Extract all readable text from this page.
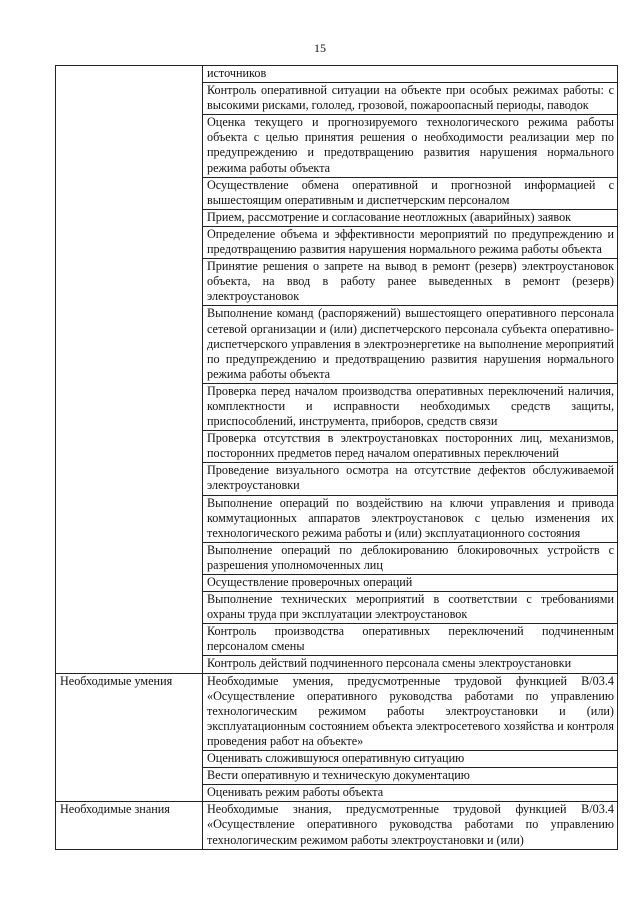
15
	источников
	Контроль оперативной ситуации на объекте при особых режимах работы: с высокими рисками, гололед, грозовой, пожароопасный периоды, паводок
	Оценка текущего и прогнозируемого технологического режима работы объекта с целью принятия решения о необходимости реализации мер по предупреждению и предотвращению развития нарушения нормального режима работы объекта
	Осуществление обмена оперативной и прогнозной информацией с вышестоящим оперативным и диспетчерским персоналом
	Прием, рассмотрение и согласование неотложных (аварийных) заявок
	Определение объема и эффективности мероприятий по предупреждению и предотвращению развития нарушения нормального режима работы объекта
	Принятие решения о запрете на вывод в ремонт (резерв) электроустановок объекта, на ввод в работу ранее выведенных в ремонт (резерв) электроустановок
	Выполнение команд (распоряжений) вышестоящего оперативного персонала сетевой организации и (или) диспетчерского персонала субъекта оперативно-диспетчерского управления в электроэнергетике на выполнение мероприятий по предупреждению и предотвращению развития нарушения нормального режима работы объекта
	Проверка перед началом производства оперативных переключений наличия, комплектности и исправности необходимых средств защиты, приспособлений, инструмента, приборов, средств связи
	Проверка отсутствия в электроустановках посторонних лиц, механизмов, посторонних предметов перед началом оперативных переключений
	Проведение визуального осмотра на отсутствие дефектов обслуживаемой электроустановки
	Выполнение операций по воздействию на ключи управления и привода коммутационных аппаратов электроустановок с целью изменения их технологического режима работы и (или) эксплуатационного состояния
	Выполнение операций по деблокированию блокировочных устройств с разрешения уполномоченных лиц
	Осуществление проверочных операций
	Выполнение технических мероприятий в соответствии с требованиями охраны труда при эксплуатации электроустановок
	Контроль производства оперативных переключений подчиненным персоналом смены
	Контроль действий подчиненного персонала смены электроустановки
Необходимые умения	Необходимые умения, предусмотренные трудовой функцией B/03.4 «Осуществление оперативного руководства работами по управлению технологическим режимом работы электроустановки и (или) эксплуатационным состоянием объекта электросетевого хозяйства и контроля проведения работ на объекте»
	Оценивать сложившуюся оперативную ситуацию
	Вести оперативную и техническую документацию
	Оценивать режим работы объекта
Необходимые знания	Необходимые знания, предусмотренные трудовой функцией B/03.4 «Осуществление оперативного руководства работами по управлению технологическим режимом работы электроустановки и (или)
